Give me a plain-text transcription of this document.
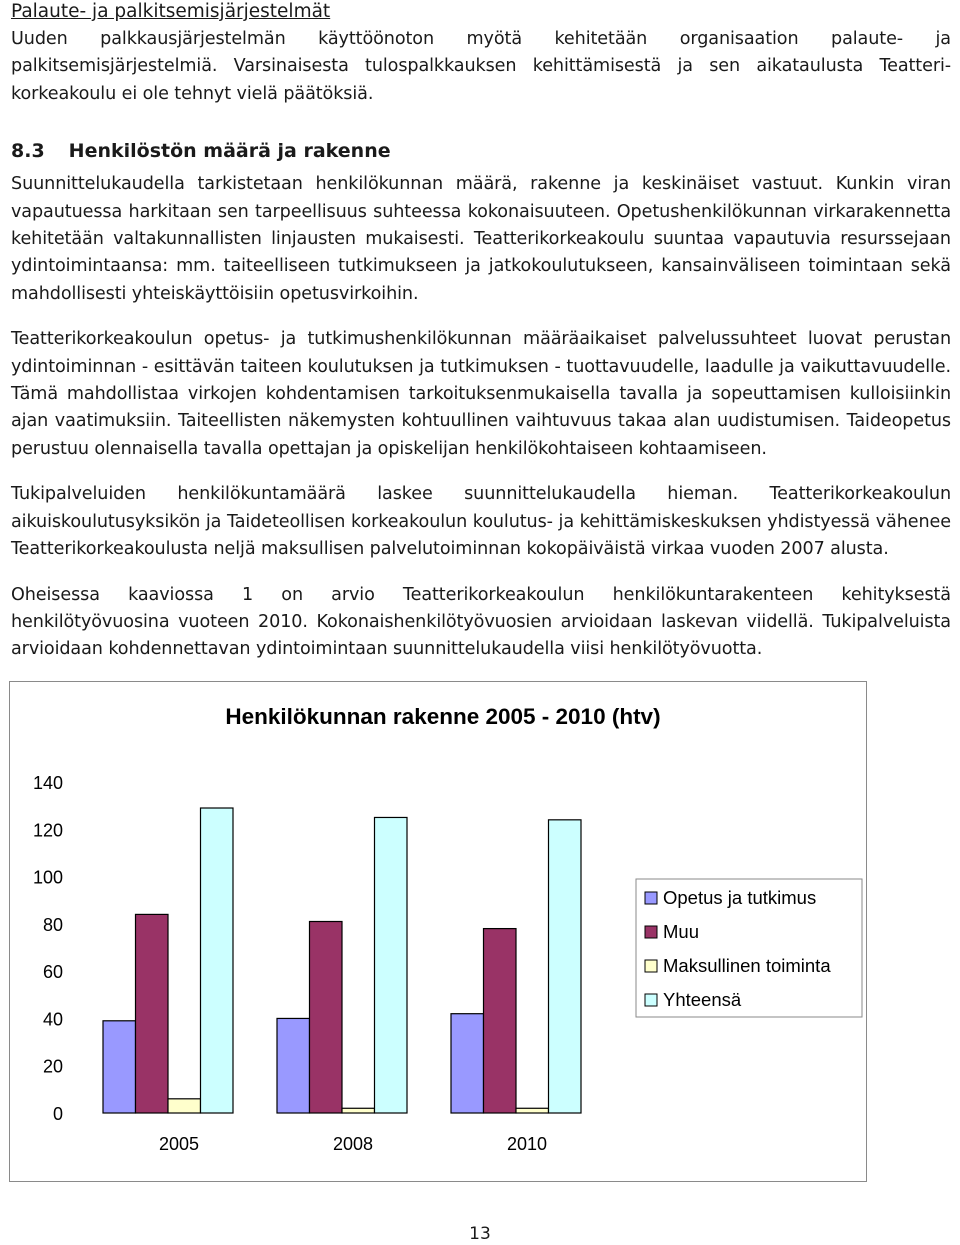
Palaute- ja palkitsemisjärjestelmät

Uuden palkkausjärjestelmän käyttöönoton myötä kehitetään organisaation palaute- ja palkitsemisjärjestelmiä. Varsinaisesta tulospalkkauksen kehittämisestä ja sen aikataulusta Teatteri-korkeakoulu ei ole tehnyt vielä päätöksiä.

8.3 Henkilöstön määrä ja rakenne

Suunnittelukaudella tarkistetaan henkilökunnan määrä, rakenne ja keskinäiset vastuut. Kunkin viran vapautuessa harkitaan sen tarpeellisuus suhteessa kokonaisuuteen. Opetushenkilökunnan virkarakennetta kehitetään valtakunnallisten linjausten mukaisesti. Teatterikorkeakoulu suuntaa vapautuvia resurssejaan ydintoimintaansa: mm. taiteelliseen tutkimukseen ja jatkokoulutukseen, kansainväliseen toimintaan sekä mahdollisesti yhteiskäyttöisiin opetusvirkoihin.

Teatterikorkeakoulun opetus- ja tutkimushenkilökunnan määräaikaiset palvelussuhteet luovat perustan ydintoiminnan - esittävän taiteen koulutuksen ja tutkimuksen - tuottavuudelle, laadulle ja vaikuttavuudelle. Tämä mahdollistaa virkojen kohdentamisen tarkoituksenmukaisella tavalla ja sopeuttamisen kulloisiinkin ajan vaatimuksiin. Taiteellisten näkemysten kohtuullinen vaihtuvuus takaa alan uudistumisen. Taideopetus perustuu olennaisella tavalla opettajan ja opiskelijan henkilökohtaiseen kohtaamiseen.

Tukipalveluiden henkilökuntamäärä laskee suunnittelukaudella hieman. Teatterikorkeakoulun aikuiskoulutusyksikön ja Taideteollisen korkeakoulun koulutus- ja kehittämiskeskuksen yhdistyessä vähenee Teatterikorkeakoulusta neljä maksullisen palvelutoiminnan kokopäiväistä virkaa vuoden 2007 alusta.

Oheisessa kaaviossa 1 on arvio Teatterikorkeakoulun henkilökuntarakenteen kehityksestä henkilötyövuosina vuoteen 2010. Kokonaishenkilötyövuosien arvioidaan laskevan viidellä. Tukipalveluista arvioidaan kohdennettavan ydintoimintaan suunnittelukaudella viisi henkilötyövuotta.

Henkilökunnan rakenne 2005 - 2010 (htv)
0
20
40
60
80
100
120
140
2005	2008	2010
Opetus ja tutkimus
Muu
Maksullinen toiminta
Yhteensä
13
